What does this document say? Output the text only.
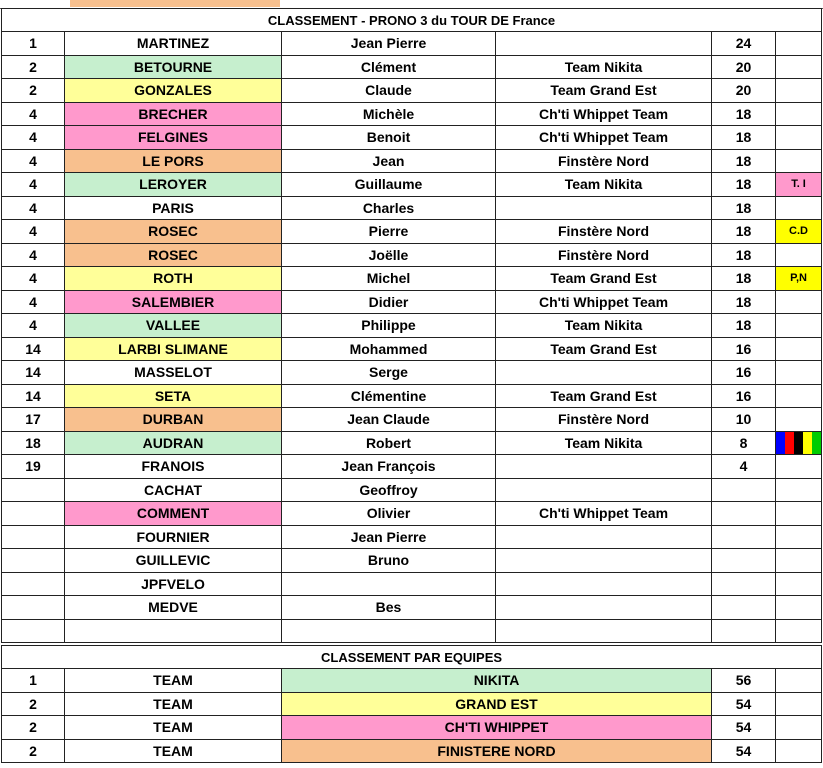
CLASSEMENT - PRONO 3 du TOUR DE France					
1	MARTINEZ	Jean Pierre		24	
2	BETOURNE	Clément	Team Nikita	20	
2	GONZALES	Claude	Team Grand Est	20	
4	BRECHER	Michèle	Ch'ti Whippet Team	18	
4	FELGINES	Benoit	Ch'ti Whippet Team	18	
4	LE PORS	Jean	Finstère Nord	18	
4	LEROYER	Guillaume	Team Nikita	18	T. I
4	PARIS	Charles		18	
4	ROSEC	Pierre	Finstère Nord	18	C.D
4	ROSEC	Joëlle	Finstère Nord	18	
4	ROTH	Michel	Team Grand Est	18	P,N
4	SALEMBIER	Didier	Ch'ti Whippet Team	18	
4	VALLEE	Philippe	Team Nikita	18	
14	LARBI SLIMANE	Mohammed	Team Grand Est	16	
14	MASSELOT	Serge		16	
14	SETA	Clémentine	Team Grand Est	16	
17	DURBAN	Jean Claude	Finstère Nord	10	
18	AUDRAN	Robert	Team Nikita	8	

19	FRANOIS	Jean François		4	
	CACHAT	Geoffroy			
	COMMENT	Olivier	Ch'ti Whippet Team		
	FOURNIER	Jean Pierre			
	GUILLEVIC	Bruno			
	JPFVELO				
	MEDVE	Bes			

CLASSEMENT PAR EQUIPES				
1	TEAM	NIKITA	56	
2	TEAM	GRAND EST	54	
2	TEAM	CH'TI WHIPPET	54	
2	TEAM	FINISTERE NORD	54	
